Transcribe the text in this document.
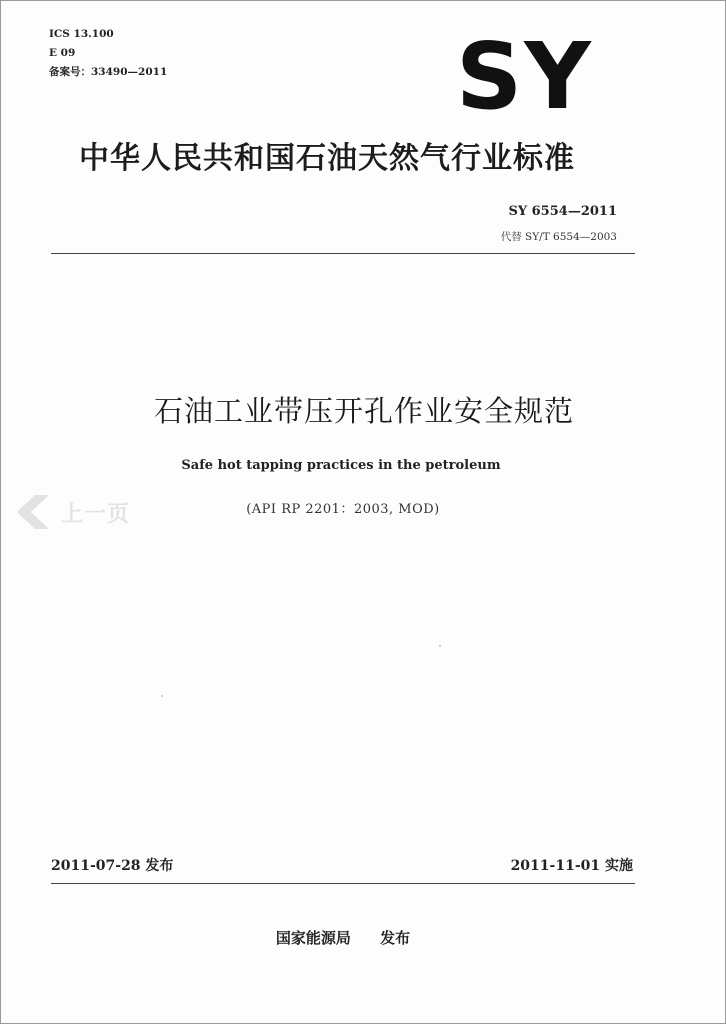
ICS 13.100
E 09
备案号：33490—2011	SY
中华人民共和国石油天然气行业标准
SY 6554—2011
代替 SY/T 6554—2003
石油工业带压开孔作业安全规范
Safe hot tapping practices in the petroleum
(API RP 2201：2003, MOD)
上一页
2011-07-28 发布	2011-11-01 实施
国家能源局 发布
